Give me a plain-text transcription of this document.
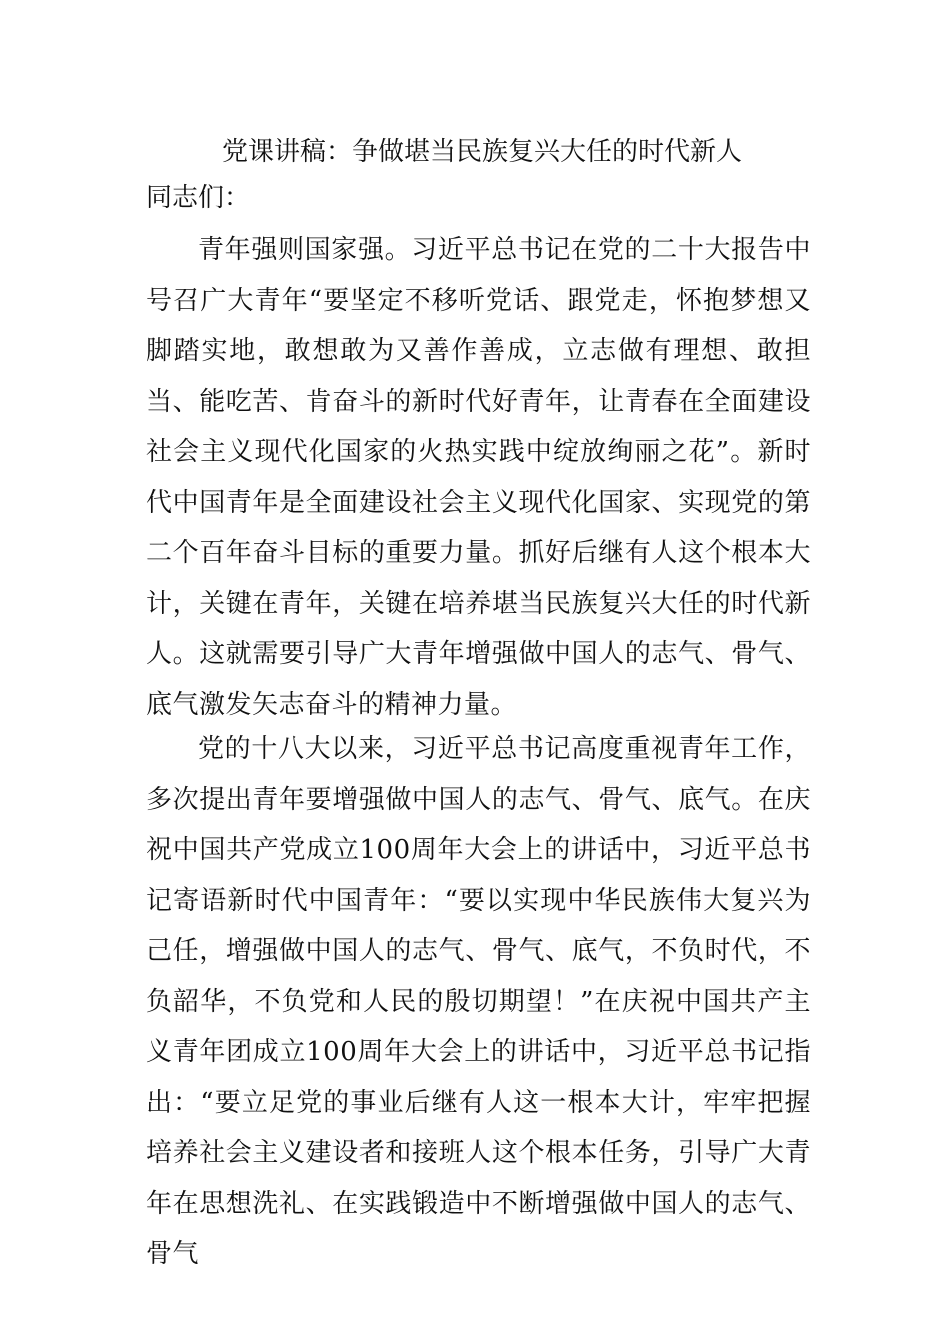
党课讲稿：争做堪当民族复兴大任的时代新人
同志们：

青年强则国家强。习近平总书记在党的二十大报告中号召广大青年“要坚定不移听党话、跟党走，怀抱梦想又脚踏实地，敢想敢为又善作善成，立志做有理想、敢担当、能吃苦、肯奋斗的新时代好青年，让青春在全面建设社会主义现代化国家的火热实践中绽放绚丽之花”。新时代中国青年是全面建设社会主义现代化国家、实现党的第二个百年奋斗目标的重要力量。抓好后继有人这个根本大计，关键在青年，关键在培养堪当民族复兴大任的时代新人。这就需要引导广大青年增强做中国人的志气、骨气、底气激发矢志奋斗的精神力量。

党的十八大以来，习近平总书记高度重视青年工作，多次提出青年要增强做中国人的志气、骨气、底气。在庆祝中国共产党成立100周年大会上的讲话中，习近平总书记寄语新时代中国青年：“要以实现中华民族伟大复兴为己任，增强做中国人的志气、骨气、底气，不负时代，不负韶华，不负党和人民的殷切期望！”在庆祝中国共产主义青年团成立100周年大会上的讲话中，习近平总书记指出：“要立足党的事业后继有人这一根本大计，牢牢把握培养社会主义建设者和接班人这个根本任务，引导广大青年在思想洗礼、在实践锻造中不断增强做中国人的志气、骨气
